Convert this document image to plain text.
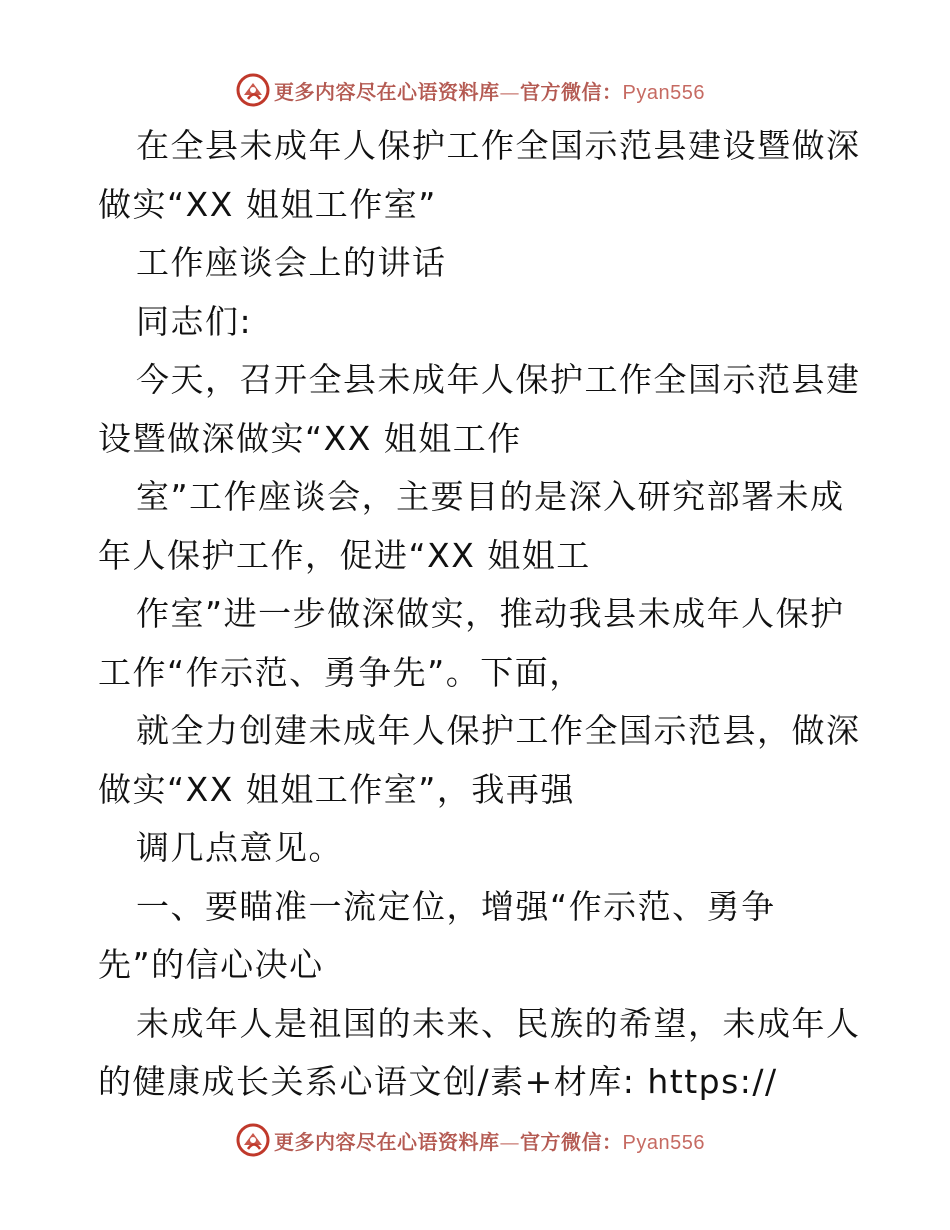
更多内容尽在心语资料库—官方微信：Pyan556
在全县未成年人保护工作全国示范县建设暨做深
做实“XX 姐姐工作室”
工作座谈会上的讲话
同志们:
今天，召开全县未成年人保护工作全国示范县建
设暨做深做实“XX 姐姐工作
室”工作座谈会，主要目的是深入研究部署未成
年人保护工作，促进“XX 姐姐工
作室”进一步做深做实，推动我县未成年人保护
工作“作示范、勇争先”。下面，
就全力创建未成年人保护工作全国示范县，做深
做实“XX 姐姐工作室”，我再强
调几点意见。
一、要瞄准一流定位，增强“作示范、勇争
先”的信心决心
未成年人是祖国的未来、民族的希望，未成年人
的健康成长关系心语文创/素+材库: https://
更多内容尽在心语资料库—官方微信：Pyan556
